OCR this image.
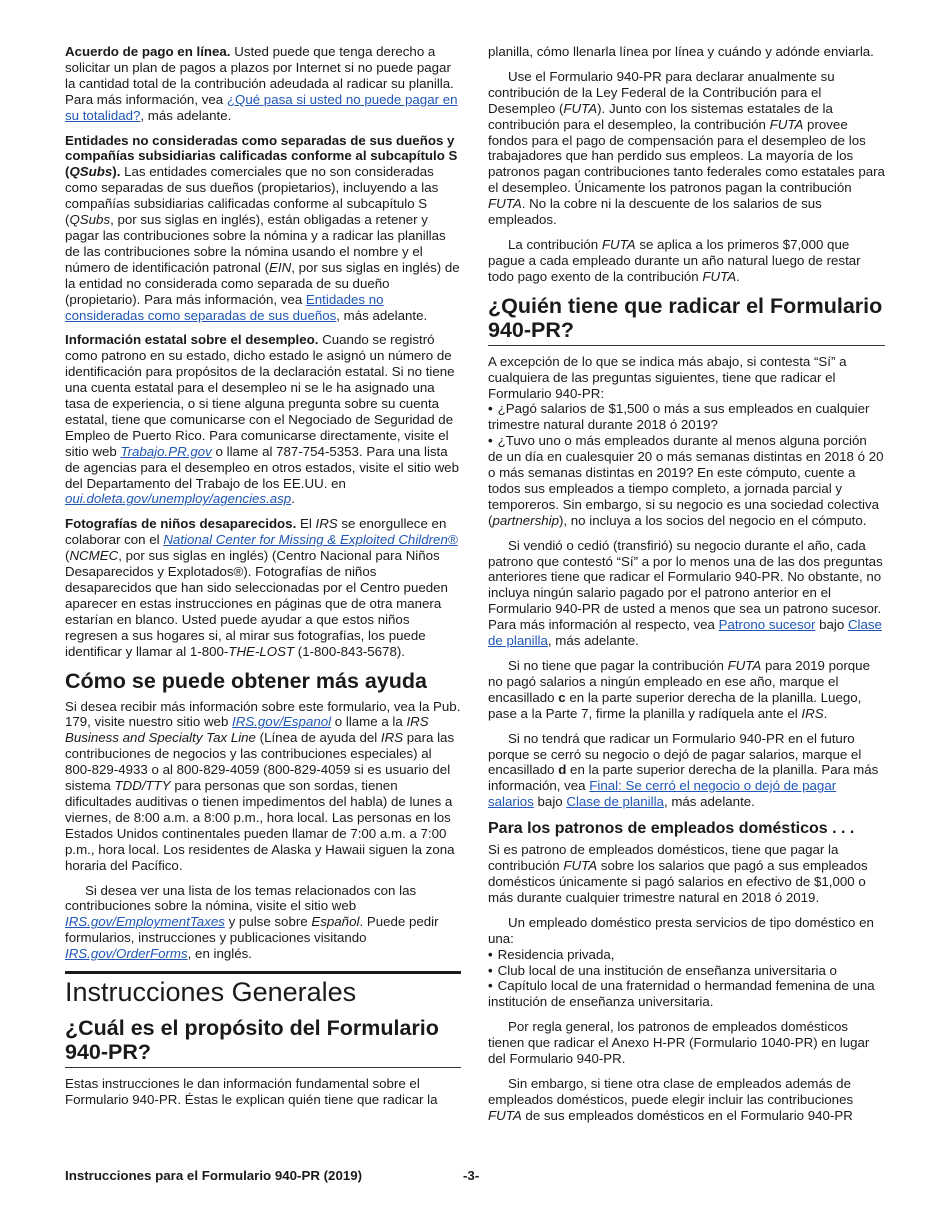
Acuerdo de pago en línea. Usted puede que tenga derecho a solicitar un plan de pagos a plazos por Internet si no puede pagar la cantidad total de la contribución adeudada al radicar su planilla. Para más información, vea ¿Qué pasa si usted no puede pagar en su totalidad?, más adelante.

Entidades no consideradas como separadas de sus dueños y compañías subsidiarias calificadas conforme al subcapítulo S (QSubs). Las entidades comerciales que no son consideradas como separadas de sus dueños (propietarios), incluyendo a las compañías subsidiarias calificadas conforme al subcapítulo S (QSubs, por sus siglas en inglés), están obligadas a retener y pagar las contribuciones sobre la nómina y a radicar las planillas de las contribuciones sobre la nómina usando el nombre y el número de identificación patronal (EIN, por sus siglas en inglés) de la entidad no considerada como separada de su dueño (propietario). Para más información, vea Entidades no consideradas como separadas de sus dueños, más adelante.

Información estatal sobre el desempleo. Cuando se registró como patrono en su estado, dicho estado le asignó un número de identificación para propósitos de la declaración estatal. Si no tiene una cuenta estatal para el desempleo ni se le ha asignado una tasa de experiencia, o si tiene alguna pregunta sobre su cuenta estatal, tiene que comunicarse con el Negociado de Seguridad de Empleo de Puerto Rico. Para comunicarse directamente, visite el sitio web Trabajo.PR.gov o llame al 787-754-5353. Para una lista de agencias para el desempleo en otros estados, visite el sitio web del Departamento del Trabajo de los EE.UU. en oui.doleta.gov/unemploy/agencies.asp.

Fotografías de niños desaparecidos. El IRS se enorgullece en colaborar con el National Center for Missing & Exploited Children® (NCMEC, por sus siglas en inglés) (Centro Nacional para Niños Desaparecidos y Explotados®). Fotografías de niños desaparecidos que han sido seleccionadas por el Centro pueden aparecer en estas instrucciones en páginas que de otra manera estarían en blanco. Usted puede ayudar a que estos niños regresen a sus hogares si, al mirar sus fotografías, los puede identificar y llamar al 1-800-THE-LOST (1-800-843-5678).

Cómo se puede obtener más ayuda

Si desea recibir más información sobre este formulario, vea la Pub. 179, visite nuestro sitio web IRS.gov/Espanol o llame a la IRS Business and Specialty Tax Line (Línea de ayuda del IRS para las contribuciones de negocios y las contribuciones especiales) al 800-829-4933 o al 800-829-4059 (800-829-4059 si es usuario del sistema TDD/TTY para personas que son sordas, tienen dificultades auditivas o tienen impedimentos del habla) de lunes a viernes, de 8:00 a.m. a 8:00 p.m., hora local. Las personas en los Estados Unidos continentales pueden llamar de 7:00 a.m. a 7:00 p.m., hora local. Los residentes de Alaska y Hawaii siguen la zona horaria del Pacífico.

Si desea ver una lista de los temas relacionados con las contribuciones sobre la nómina, visite el sitio web IRS.gov/EmploymentTaxes y pulse sobre Español. Puede pedir formularios, instrucciones y publicaciones visitando IRS.gov/OrderForms, en inglés.

Instrucciones Generales
¿Cuál es el propósito del Formulario 940-PR?

Estas instrucciones le dan información fundamental sobre el Formulario 940-PR. Éstas le explican quién tiene que radicar la

planilla, cómo llenarla línea por línea y cuándo y adónde enviarla.

Use el Formulario 940-PR para declarar anualmente su contribución de la Ley Federal de la Contribución para el Desempleo (FUTA). Junto con los sistemas estatales de la contribución para el desempleo, la contribución FUTA provee fondos para el pago de compensación para el desempleo de los trabajadores que han perdido sus empleos. La mayoría de los patronos pagan contribuciones tanto federales como estatales para el desempleo. Únicamente los patronos pagan la contribución FUTA. No la cobre ni la descuente de los salarios de sus empleados.

La contribución FUTA se aplica a los primeros $7,000 que pague a cada empleado durante un año natural luego de restar todo pago exento de la contribución FUTA.

¿Quién tiene que radicar el Formulario 940-PR?

A excepción de lo que se indica más abajo, si contesta “Sí” a cualquiera de las preguntas siguientes, tiene que radicar el Formulario 940-PR:

• ¿Pagó salarios de $1,500 o más a sus empleados en cualquier trimestre natural durante 2018 ó 2019?
• ¿Tuvo uno o más empleados durante al menos alguna porción de un día en cualesquier 20 o más semanas distintas en 2018 ó 20 o más semanas distintas en 2019? En este cómputo, cuente a todos sus empleados a tiempo completo, a jornada parcial y temporeros. Sin embargo, si su negocio es una sociedad colectiva (partnership), no incluya a los socios del negocio en el cómputo.

Si vendió o cedió (transfirió) su negocio durante el año, cada patrono que contestó “Sí” a por lo menos una de las dos preguntas anteriores tiene que radicar el Formulario 940-PR. No obstante, no incluya ningún salario pagado por el patrono anterior en el Formulario 940-PR de usted a menos que sea un patrono sucesor. Para más información al respecto, vea Patrono sucesor bajo Clase de planilla, más adelante.

Si no tiene que pagar la contribución FUTA para 2019 porque no pagó salarios a ningún empleado en ese año, marque el encasillado c en la parte superior derecha de la planilla. Luego, pase a la Parte 7, firme la planilla y radíquela ante el IRS.

Si no tendrá que radicar un Formulario 940-PR en el futuro porque se cerró su negocio o dejó de pagar salarios, marque el encasillado d en la parte superior derecha de la planilla. Para más información, vea Final: Se cerró el negocio o dejó de pagar salarios bajo Clase de planilla, más adelante.

Para los patronos de empleados domésticos . . .

Si es patrono de empleados domésticos, tiene que pagar la contribución FUTA sobre los salarios que pagó a sus empleados domésticos únicamente si pagó salarios en efectivo de $1,000 o más durante cualquier trimestre natural en 2018 ó 2019.

Un empleado doméstico presta servicios de tipo doméstico en una:

• Residencia privada,
• Club local de una institución de enseñanza universitaria o
• Capítulo local de una fraternidad o hermandad femenina de una institución de enseñanza universitaria.

Por regla general, los patronos de empleados domésticos tienen que radicar el Anexo H-PR (Formulario 1040-PR) en lugar del Formulario 940-PR.

Sin embargo, si tiene otra clase de empleados además de empleados domésticos, puede elegir incluir las contribuciones FUTA de sus empleados domésticos en el Formulario 940-PR

Instrucciones para el Formulario 940-PR (2019)	-3-
